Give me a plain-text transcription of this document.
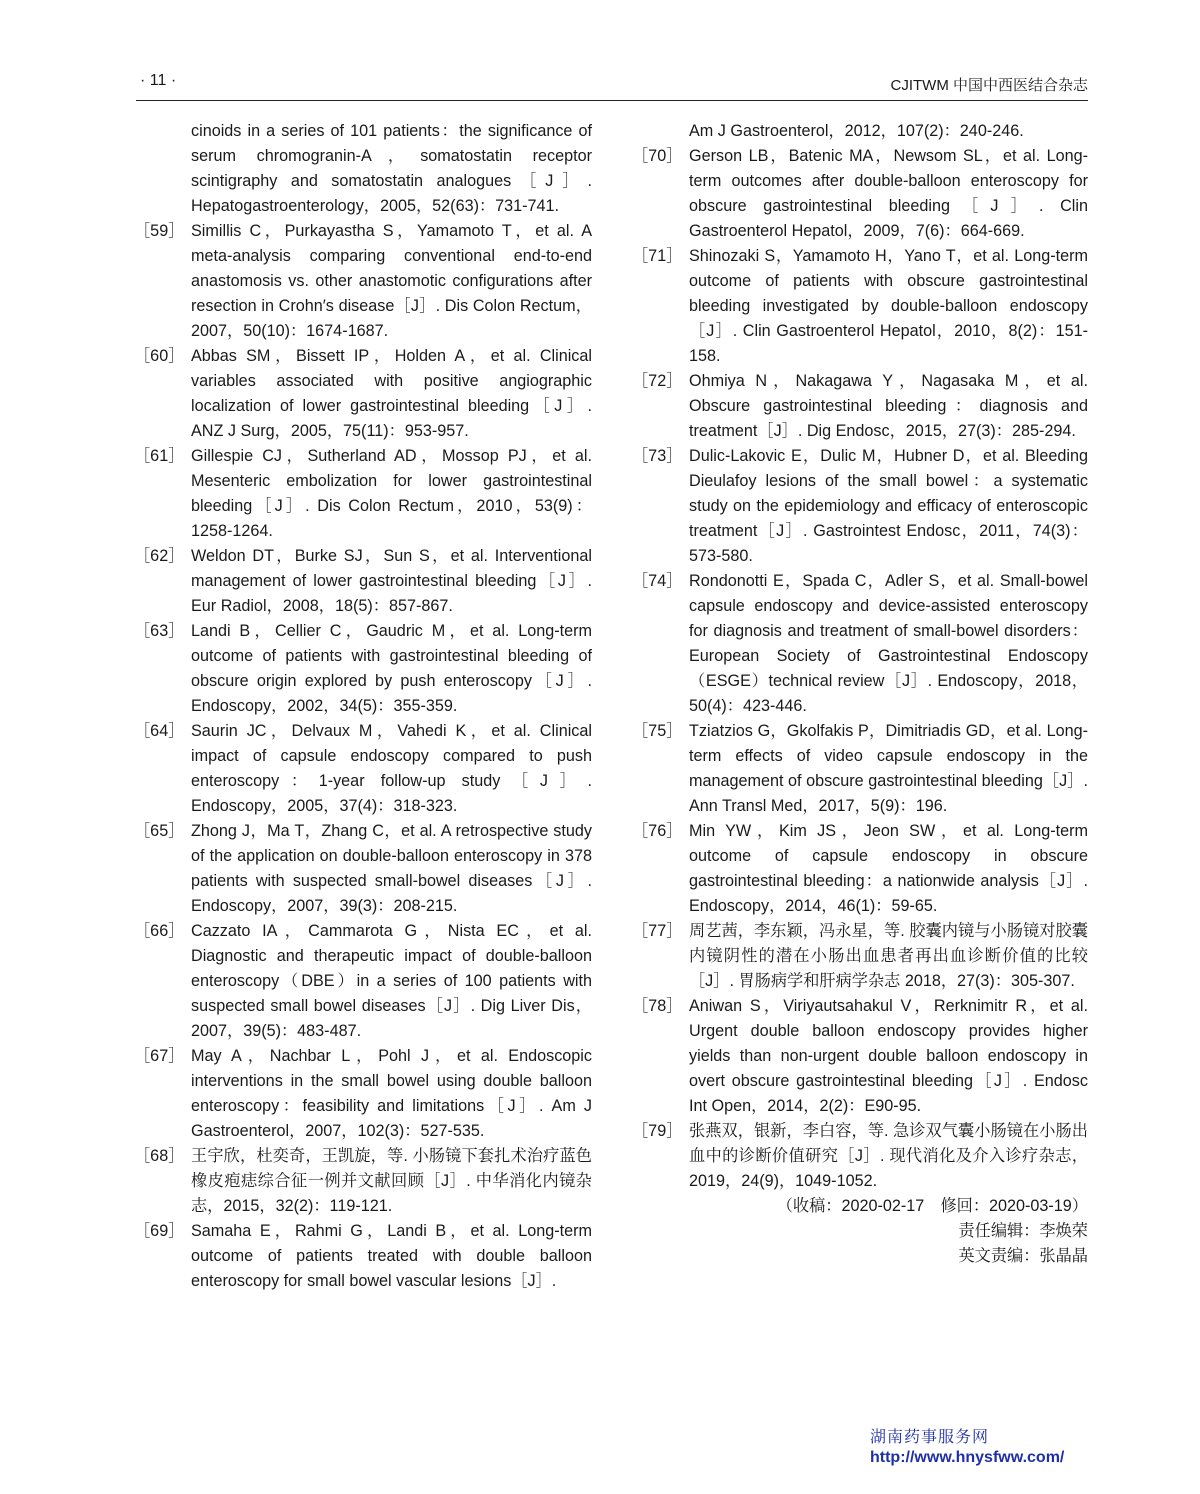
· 11 ·	CJITWM 中国中西医结合杂志
cinoids in a series of 101 patients：the significance of serum chromogranin-A，somatostatin receptor scintigraphy and somatostatin analogues［J］. Hepatogastroenterology，2005，52(63)：731-741.
［59］ Simillis C，Purkayastha S，Yamamoto T，et al. A meta-analysis comparing conventional end-to-end anastomosis vs. other anastomotic configurations after resection in Crohn′s disease［J］. Dis Colon Rectum，2007，50(10)：1674-1687.
［60］ Abbas SM，Bissett IP，Holden A，et al. Clinical variables associated with positive angiographic localization of lower gastrointestinal bleeding［J］. ANZ J Surg，2005，75(11)：953-957.
［61］ Gillespie CJ，Sutherland AD，Mossop PJ，et al. Mesenteric embolization for lower gastrointestinal bleeding［J］. Dis Colon Rectum，2010，53(9)：1258-1264.
［62］ Weldon DT，Burke SJ，Sun S，et al. Interventional management of lower gastrointestinal bleeding［J］. Eur Radiol，2008，18(5)：857-867.
［63］ Landi B，Cellier C，Gaudric M，et al. Long-term outcome of patients with gastrointestinal bleeding of obscure origin explored by push enteroscopy［J］. Endoscopy，2002，34(5)：355-359.
［64］ Saurin JC，Delvaux M，Vahedi K，et al. Clinical impact of capsule endoscopy compared to push enteroscopy：1-year follow-up study［J］. Endoscopy，2005，37(4)：318-323.
［65］ Zhong J，Ma T，Zhang C，et al. A retrospective study of the application on double-balloon enteroscopy in 378 patients with suspected small-bowel diseases［J］. Endoscopy，2007，39(3)：208-215.
［66］ Cazzato IA，Cammarota G，Nista EC，et al. Diagnostic and therapeutic impact of double-balloon enteroscopy（DBE）in a series of 100 patients with suspected small bowel diseases［J］. Dig Liver Dis，2007，39(5)：483-487.
［67］ May A，Nachbar L，Pohl J，et al. Endoscopic interventions in the small bowel using double balloon enteroscopy：feasibility and limitations［J］. Am J Gastroenterol，2007，102(3)：527-535.
［68］ 王宇欣，杜奕奇，王凯旋，等. 小肠镜下套扎术治疗蓝色橡皮疱痣综合征一例并文献回顾［J］. 中华消化内镜杂志，2015，32(2)：119-121.
［69］ Samaha E，Rahmi G，Landi B，et al. Long-term outcome of patients treated with double balloon enteroscopy for small bowel vascular lesions［J］.
Am J Gastroenterol，2012，107(2)：240-246.
［70］ Gerson LB，Batenic MA，Newsom SL，et al. Long-term outcomes after double-balloon enteroscopy for obscure gastrointestinal bleeding［J］. Clin Gastroenterol Hepatol，2009，7(6)：664-669.
［71］ Shinozaki S，Yamamoto H，Yano T，et al. Long-term outcome of patients with obscure gastrointestinal bleeding investigated by double-balloon endoscopy［J］. Clin Gastroenterol Hepatol，2010，8(2)：151-158.
［72］ Ohmiya N，Nakagawa Y，Nagasaka M，et al. Obscure gastrointestinal bleeding：diagnosis and treatment［J］. Dig Endosc，2015，27(3)：285-294.
［73］ Dulic-Lakovic E，Dulic M，Hubner D，et al. Bleeding Dieulafoy lesions of the small bowel：a systematic study on the epidemiology and efficacy of enteroscopic treatment［J］. Gastrointest Endosc，2011，74(3)：573-580.
［74］ Rondonotti E，Spada C，Adler S，et al. Small-bowel capsule endoscopy and device-assisted enteroscopy for diagnosis and treatment of small-bowel disorders：European Society of Gastrointestinal Endoscopy（ESGE）technical review［J］. Endoscopy，2018，50(4)：423-446.
［75］ Tziatzios G，Gkolfakis P，Dimitriadis GD，et al. Long-term effects of video capsule endoscopy in the management of obscure gastrointestinal bleeding［J］. Ann Transl Med，2017，5(9)：196.
［76］ Min YW，Kim JS，Jeon SW，et al. Long-term outcome of capsule endoscopy in obscure gastrointestinal bleeding：a nationwide analysis［J］. Endoscopy，2014，46(1)：59-65.
［77］ 周艺茜，李东颖，冯永星，等. 胶囊内镜与小肠镜对胶囊内镜阴性的潜在小肠出血患者再出血诊断价值的比较［J］. 胃肠病学和肝病学杂志 2018，27(3)：305-307.
［78］ Aniwan S，Viriyautsahakul V，Rerknimitr R，et al. Urgent double balloon endoscopy provides higher yields than non-urgent double balloon endoscopy in overt obscure gastrointestinal bleeding［J］. Endosc Int Open，2014，2(2)：E90-95.
［79］ 张燕双，银新，李白容，等. 急诊双气囊小肠镜在小肠出血中的诊断价值研究［J］. 现代消化及介入诊疗杂志，2019，24(9)，1049-1052.
（收稿：2020-02-17　修回：2020-03-19）
责任编辑：李焕荣
英文责编：张晶晶
湖南药事服务网
http://www.hnysfww.com/
